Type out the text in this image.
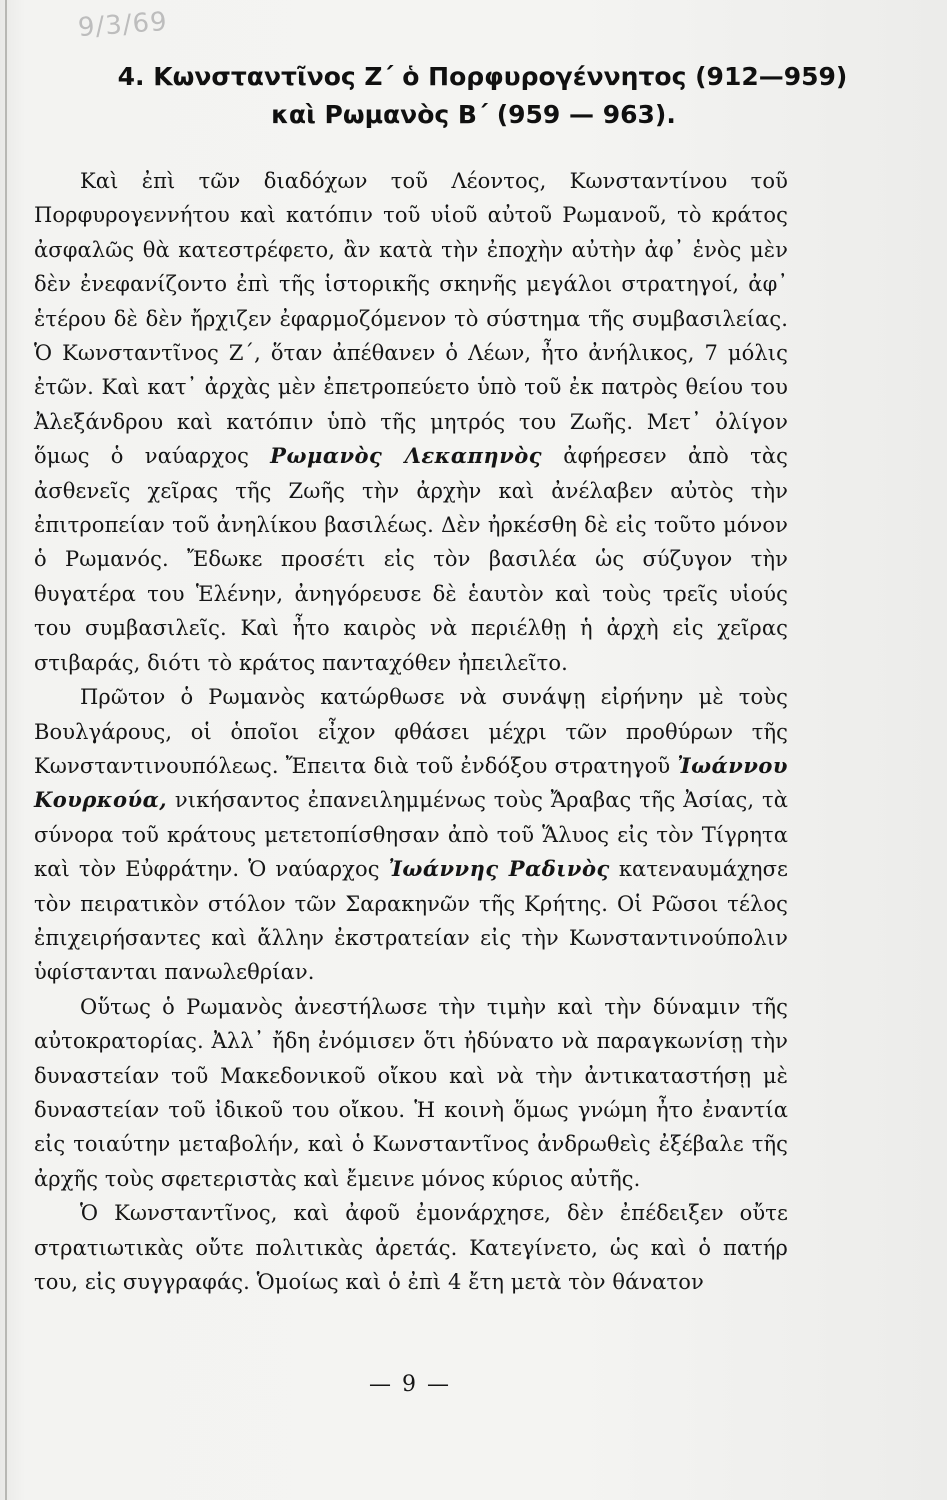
9/3/69
4. Κωνσταντῖνος Ζ΄ ὁ Πορφυρογέννητος (912—959)
καὶ Ρωμανὸς Β΄ (959 — 963).

Καὶ ἐπὶ τῶν διαδόχων τοῦ Λέοντος, Κωνσταντίνου τοῦ Πορφυρογεννήτου καὶ κατόπιν τοῦ υἱοῦ αὐτοῦ Ρωμανοῦ, τὸ κράτος ἀσφαλῶς θὰ κατεστρέφετο, ἂν κατὰ τὴν ἐποχὴν αὐτὴν ἀφ᾿ ἑνὸς μὲν δὲν ἐνεφανίζοντο ἐπὶ τῆς ἱστορικῆς σκηνῆς μεγάλοι στρατηγοί, ἀφ᾿ ἑτέρου δὲ δὲν ἤρχιζεν ἐφαρμοζόμενον τὸ σύστημα τῆς συμβασιλείας. Ὁ Κωνσταντῖνος Ζ΄, ὅταν ἀπέθανεν ὁ Λέων, ἦτο ἀνήλικος, 7 μόλις ἐτῶν. Καὶ κατ᾿ ἀρχὰς μὲν ἐπετροπεύετο ὑπὸ τοῦ ἐκ πατρὸς θείου του Ἀλεξάνδρου καὶ κατόπιν ὑπὸ τῆς μητρός του Ζωῆς. Μετ᾿ ὀλίγον ὅμως ὁ ναύαρχος Ρωμανὸς Λεκαπηνὸς ἀφήρεσεν ἀπὸ τὰς ἀσθενεῖς χεῖρας τῆς Ζωῆς τὴν ἀρχὴν καὶ ἀνέλαβεν αὐτὸς τὴν ἐπιτροπείαν τοῦ ἀνηλίκου βασιλέως. Δὲν ἠρκέσθη δὲ εἰς τοῦτο μόνον ὁ Ρωμανός. Ἔδωκε προσέτι εἰς τὸν βασιλέα ὡς σύζυγον τὴν θυγατέρα του Ἑλένην, ἀνηγόρευσε δὲ ἑαυτὸν καὶ τοὺς τρεῖς υἱούς του συμβασιλεῖς. Καὶ ἦτο καιρὸς νὰ περιέλθῃ ἡ ἀρχὴ εἰς χεῖρας στιβαράς, διότι τὸ κράτος πανταχόθεν ἠπειλεῖτο.

Πρῶτον ὁ Ρωμανὸς κατώρθωσε νὰ συνάψῃ εἰρήνην μὲ τοὺς Βουλγάρους, οἱ ὁποῖοι εἶχον φθάσει μέχρι τῶν προθύρων τῆς Κωνσταντινουπόλεως. Ἔπειτα διὰ τοῦ ἐνδόξου στρατηγοῦ Ἰωάννου Κουρκούα, νικήσαντος ἐπανειλημμένως τοὺς Ἄραβας τῆς Ἀσίας, τὰ σύνορα τοῦ κράτους μετετοπίσθησαν ἀπὸ τοῦ Ἅλυος εἰς τὸν Τίγρητα καὶ τὸν Εὐφράτην. Ὁ ναύαρχος Ἰωάννης Ραδινὸς κατεναυμάχησε τὸν πειρατικὸν στόλον τῶν Σαρακηνῶν τῆς Κρήτης. Οἱ Ρῶσοι τέλος ἐπιχειρήσαντες καὶ ἄλλην ἐκστρατείαν εἰς τὴν Κωνσταντινούπολιν ὑφίστανται πανωλεθρίαν.

Οὕτως ὁ Ρωμανὸς ἀνεστήλωσε τὴν τιμὴν καὶ τὴν δύναμιν τῆς αὐτοκρατορίας. Ἀλλ᾿ ἤδη ἐνόμισεν ὅτι ἠδύνατο νὰ παραγκωνίσῃ τὴν δυναστείαν τοῦ Μακεδονικοῦ οἴκου καὶ νὰ τὴν ἀντικαταστήσῃ μὲ δυναστείαν τοῦ ἰδικοῦ του οἴκου. Ἡ κοινὴ ὅμως γνώμη ἦτο ἐναντία εἰς τοιαύτην μεταβολήν, καὶ ὁ Κωνσταντῖνος ἀνδρωθεὶς ἐξέβαλε τῆς ἀρχῆς τοὺς σφετεριστὰς καὶ ἔμεινε μόνος κύριος αὐτῆς.

Ὁ Κωνσταντῖνος, καὶ ἀφοῦ ἐμονάρχησε, δὲν ἐπέδειξεν οὔτε στρατιωτικὰς οὔτε πολιτικὰς ἀρετάς. Κατεγίνετο, ὡς καὶ ὁ πατήρ του, εἰς συγγραφάς. Ὁμοίως καὶ ὁ ἐπὶ 4 ἔτη μετὰ τὸν θάνατον

— 9 —
